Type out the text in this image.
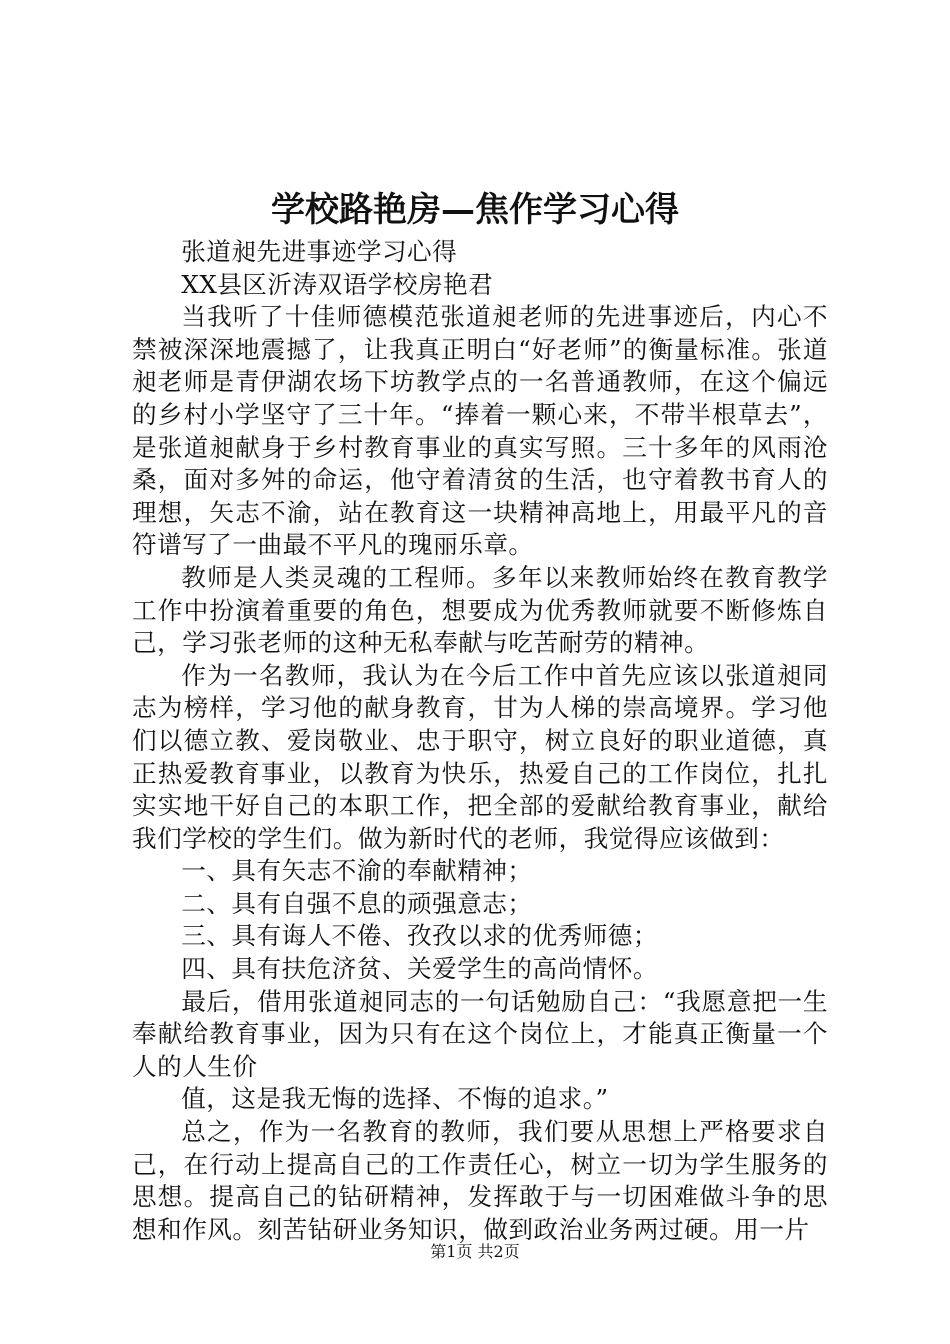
学校路艳房—焦作学习心得

张道昶先进事迹学习心得

XX县区沂涛双语学校房艳君

当我听了十佳师德模范张道昶老师的先进事迹后，内心不禁被深深地震撼了，让我真正明白“好老师”的衡量标准。张道昶老师是青伊湖农场下坊教学点的一名普通教师，在这个偏远的乡村小学坚守了三十年。“捧着一颗心来，不带半根草去”，是张道昶献身于乡村教育事业的真实写照。三十多年的风雨沧桑，面对多舛的命运，他守着清贫的生活，也守着教书育人的理想，矢志不渝，站在教育这一块精神高地上，用最平凡的音符谱写了一曲最不平凡的瑰丽乐章。

教师是人类灵魂的工程师。多年以来教师始终在教育教学工作中扮演着重要的角色，想要成为优秀教师就要不断修炼自己，学习张老师的这种无私奉献与吃苦耐劳的精神。

作为一名教师，我认为在今后工作中首先应该以张道昶同志为榜样，学习他的献身教育，甘为人梯的崇高境界。学习他们以德立教、爱岗敬业、忠于职守，树立良好的职业道德，真正热爱教育事业，以教育为快乐，热爱自己的工作岗位，扎扎实实地干好自己的本职工作，把全部的爱献给教育事业，献给我们学校的学生们。做为新时代的老师，我觉得应该做到：

一、具有矢志不渝的奉献精神；

二、具有自强不息的顽强意志；

三、具有诲人不倦、孜孜以求的优秀师德；

四、具有扶危济贫、关爱学生的高尚情怀。

最后，借用张道昶同志的一句话勉励自己：“我愿意把一生奉献给教育事业，因为只有在这个岗位上，才能真正衡量一个人的人生价

值，这是我无悔的选择、不悔的追求。”

总之，作为一名教育的教师，我们要从思想上严格要求自己，在行动上提高自己的工作责任心，树立一切为学生服务的思想。提高自己的钻研精神，发挥敢于与一切困难做斗争的思想和作风。刻苦钻研业务知识，做到政治业务两过硬。用一片

第1页 共2页
